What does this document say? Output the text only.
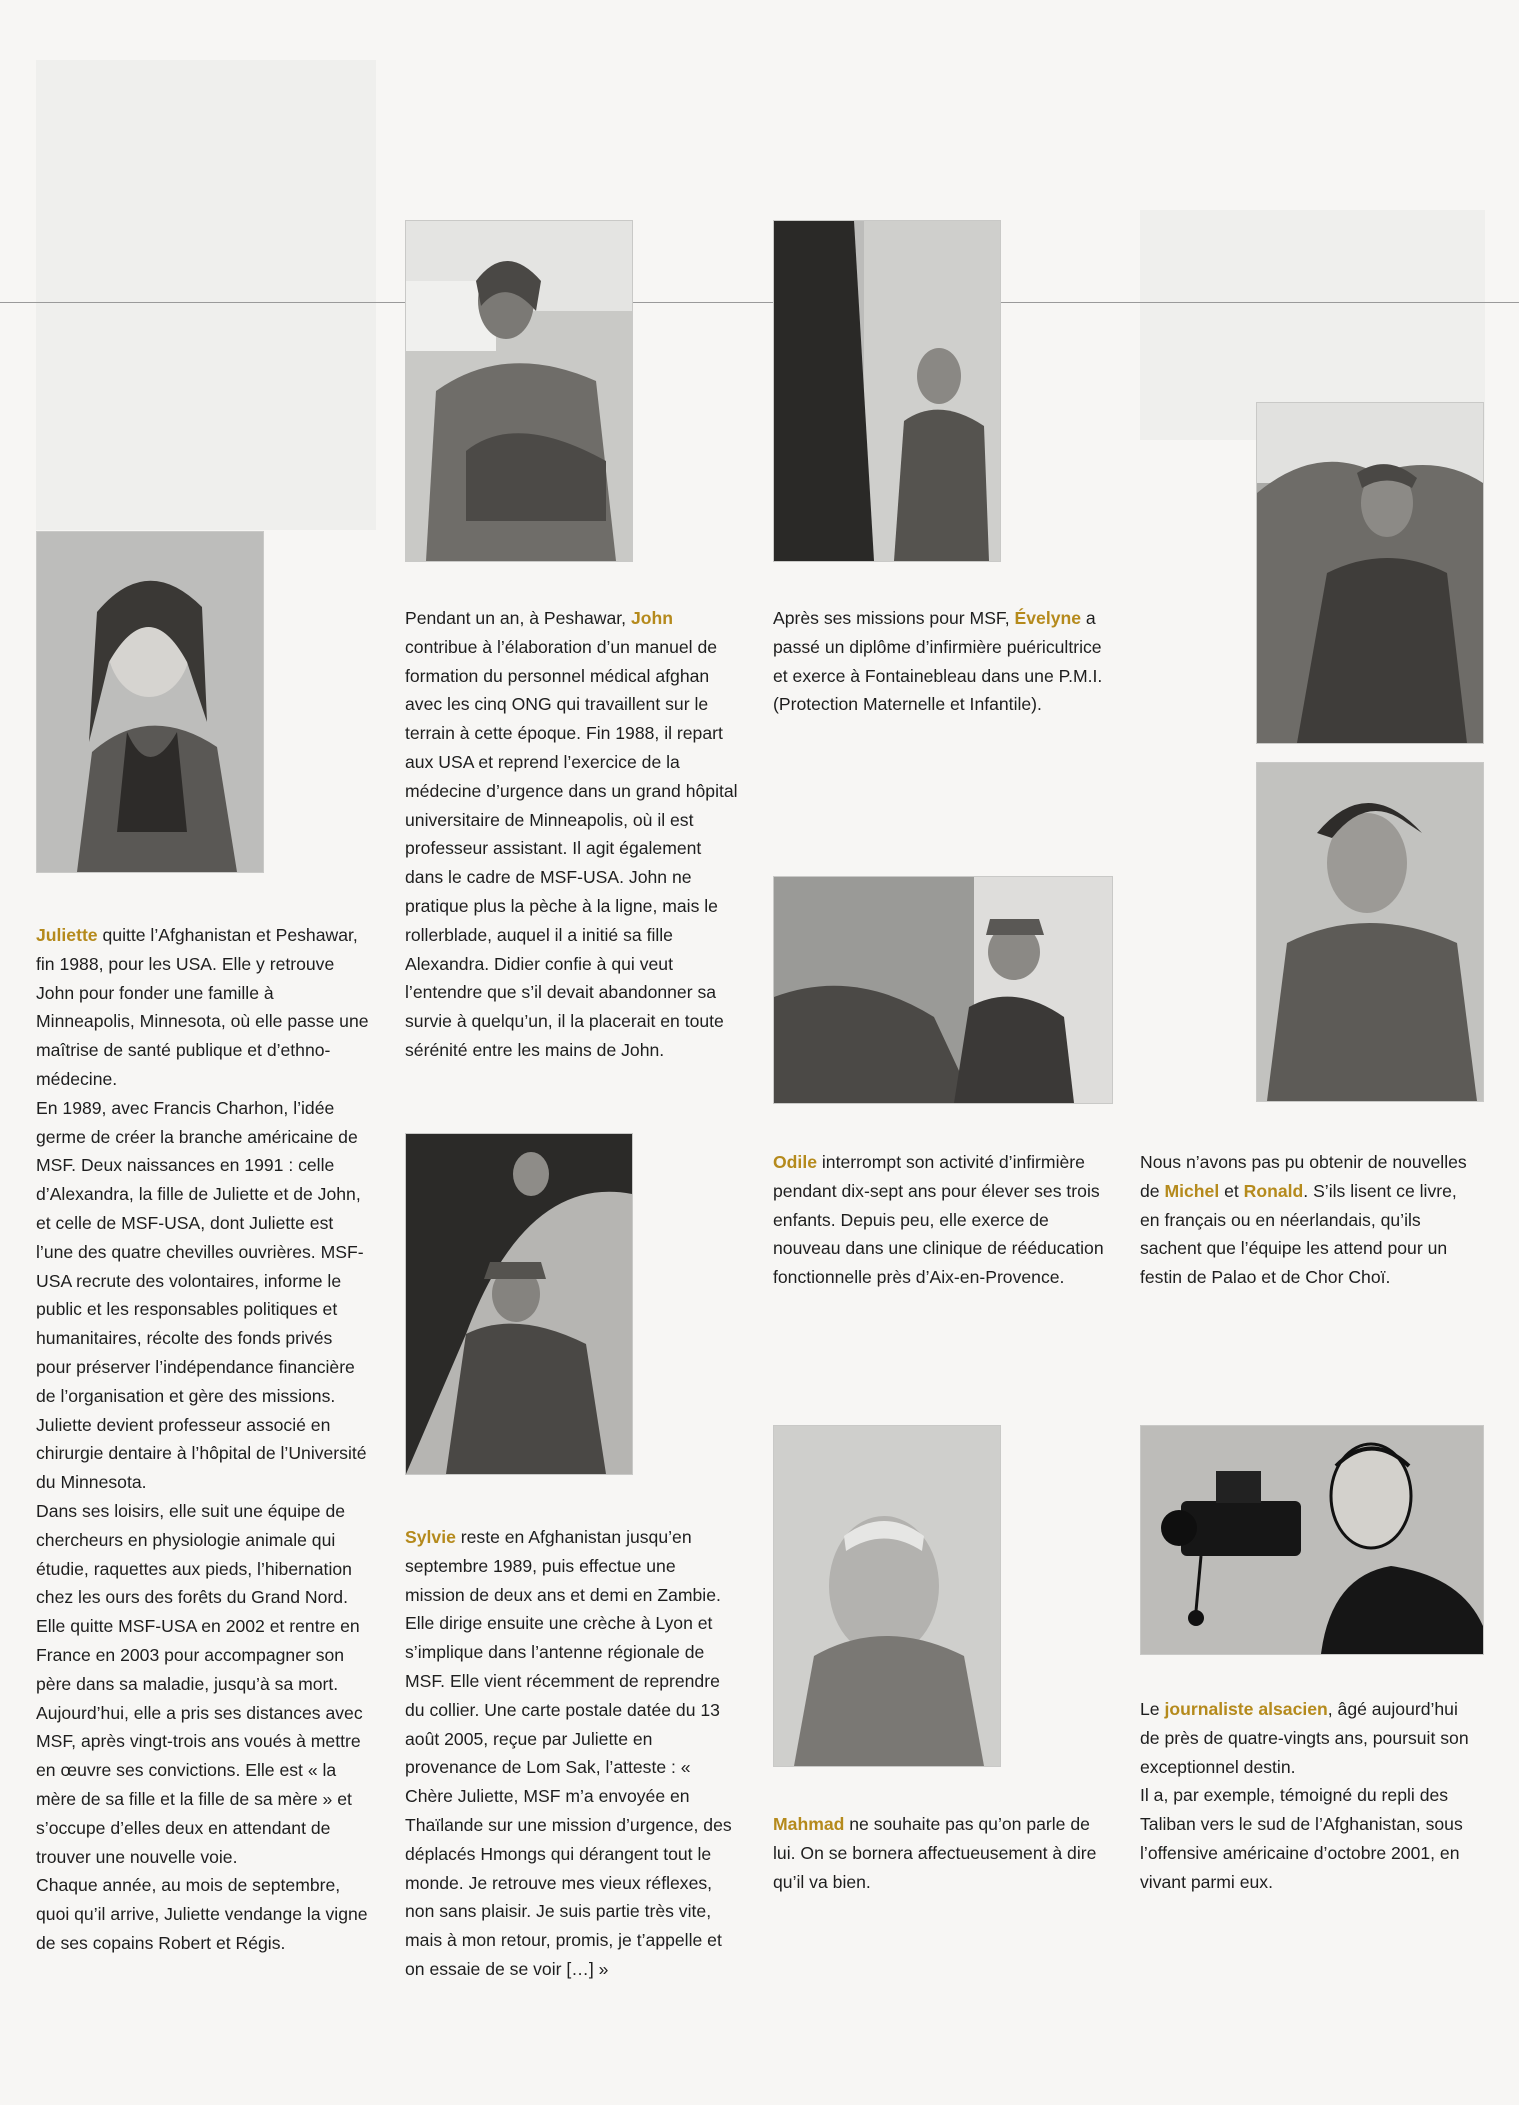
Juliette quitte l’Afghanistan et Peshawar, fin 1988, pour les USA. Elle y retrouve John pour fonder une famille à Minneapolis, Minnesota, où elle passe une maîtrise de santé publique et d’ethno-médecine.

En 1989, avec Francis Charhon, l’idée germe de créer la branche américaine de MSF. Deux naissances en 1991 : celle d’Alexandra, la fille de Juliette et de John, et celle de MSF-USA, dont Juliette est l’une des quatre chevilles ouvrières. MSF-USA recrute des volontaires, informe le public et les responsables politiques et humanitaires, récolte des fonds privés pour préserver l’indépendance financière de l’organisation et gère des missions. Juliette devient professeur associé en chirurgie dentaire à l’hôpital de l’Université du Minnesota.

Dans ses loisirs, elle suit une équipe de chercheurs en physiologie animale qui étudie, raquettes aux pieds, l’hibernation chez les ours des forêts du Grand Nord. Elle quitte MSF-USA en 2002 et rentre en France en 2003 pour accompagner son père dans sa maladie, jusqu’à sa mort. Aujourd’hui, elle a pris ses distances avec MSF, après vingt-trois ans voués à mettre en œuvre ses convictions. Elle est « la mère de sa fille et la fille de sa mère » et s’occupe d’elles deux en attendant de trouver une nouvelle voie.

Chaque année, au mois de septembre, quoi qu’il arrive, Juliette vendange la vigne de ses copains Robert et Régis.

Pendant un an, à Peshawar, John contribue à l’élaboration d’un manuel de formation du personnel médical afghan avec les cinq ONG qui travaillent sur le terrain à cette époque. Fin 1988, il repart aux USA et reprend l’exercice de la médecine d’urgence dans un grand hôpital universitaire de Minneapolis, où il est professeur assistant. Il agit également dans le cadre de MSF-USA. John ne pratique plus la pèche à la ligne, mais le rollerblade, auquel il a initié sa fille Alexandra. Didier confie à qui veut l’entendre que s’il devait abandonner sa survie à quelqu’un, il la placerait en toute sérénité entre les mains de John.

Après ses missions pour MSF, Évelyne a passé un diplôme d’infirmière puéricultrice et exerce à Fontainebleau dans une P.M.I. (Protection Maternelle et Infantile).

Odile interrompt son activité d’infirmière pendant dix-sept ans pour élever ses trois enfants. Depuis peu, elle exerce de nouveau dans une clinique de rééducation fonctionnelle près d’Aix-en-Provence.

Nous n’avons pas pu obtenir de nouvelles de Michel et Ronald. S’ils lisent ce livre, en français ou en néerlandais, qu’ils sachent que l’équipe les attend pour un festin de Palao et de Chor Choï.

Sylvie reste en Afghanistan jusqu’en septembre 1989, puis effectue une mission de deux ans et demi en Zambie. Elle dirige ensuite une crèche à Lyon et s’implique dans l’antenne régionale de MSF. Elle vient récemment de reprendre du collier. Une carte postale datée du 13 août 2005, reçue par Juliette en provenance de Lom Sak, l’atteste : « Chère Juliette, MSF m’a envoyée en Thaïlande sur une mission d’urgence, des déplacés Hmongs qui dérangent tout le monde. Je retrouve mes vieux réflexes, non sans plaisir. Je suis partie très vite, mais à mon retour, promis, je t’appelle et on essaie de se voir […] »

Mahmad ne souhaite pas qu’on parle de lui. On se bornera affectueusement à dire qu’il va bien.

Le journaliste alsacien, âgé aujourd’hui de près de quatre-vingts ans, poursuit son exceptionnel destin.

Il a, par exemple, témoigné du repli des Taliban vers le sud de l’Afghanistan, sous l’offensive américaine d’octobre 2001, en vivant parmi eux.
